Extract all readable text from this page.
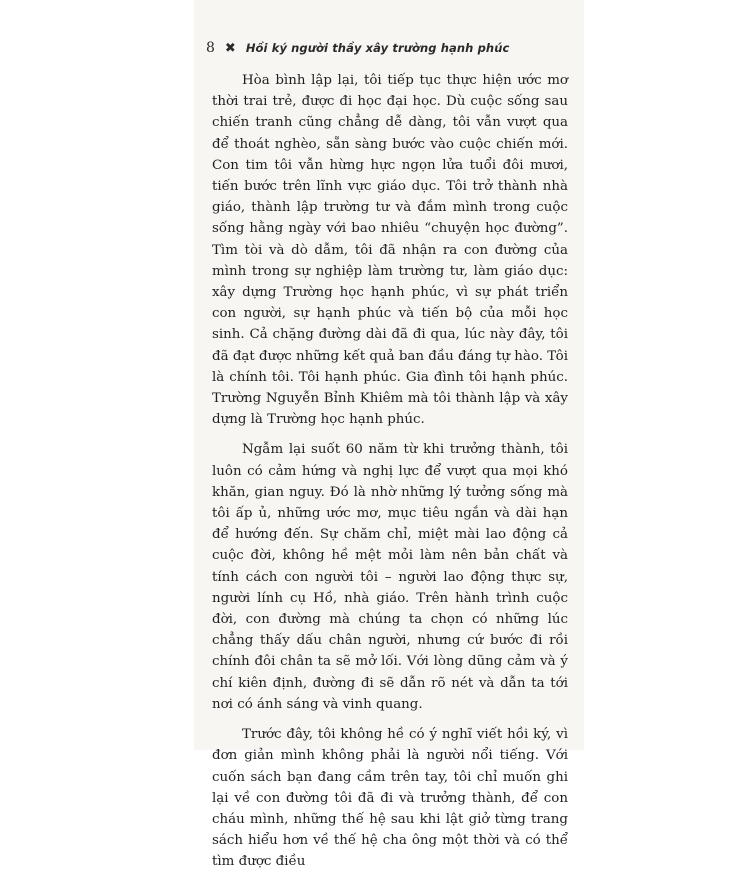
8 ✖ Hồi ký người thầy xây trường hạnh phúc

Hòa bình lập lại, tôi tiếp tục thực hiện ước mơ thời trai trẻ, được đi học đại học. Dù cuộc sống sau chiến tranh cũng chẳng dễ dàng, tôi vẫn vượt qua để thoát nghèo, sẵn sàng bước vào cuộc chiến mới. Con tim tôi vẫn hừng hực ngọn lửa tuổi đôi mươi, tiến bước trên lĩnh vực giáo dục. Tôi trở thành nhà giáo, thành lập trường tư và đắm mình trong cuộc sống hằng ngày với bao nhiêu “chuyện học đường”. Tìm tòi và dò dẫm, tôi đã nhận ra con đường của mình trong sự nghiệp làm trường tư, làm giáo dục: xây dựng Trường học hạnh phúc, vì sự phát triển con người, sự hạnh phúc và tiến bộ của mỗi học sinh. Cả chặng đường dài đã đi qua, lúc này đây, tôi đã đạt được những kết quả ban đầu đáng tự hào. Tôi là chính tôi. Tôi hạnh phúc. Gia đình tôi hạnh phúc. Trường Nguyễn Bỉnh Khiêm mà tôi thành lập và xây dựng là Trường học hạnh phúc.

Ngẫm lại suốt 60 năm từ khi trưởng thành, tôi luôn có cảm hứng và nghị lực để vượt qua mọi khó khăn, gian nguy. Đó là nhờ những lý tưởng sống mà tôi ấp ủ, những ước mơ, mục tiêu ngắn và dài hạn để hướng đến. Sự chăm chỉ, miệt mài lao động cả cuộc đời, không hề mệt mỏi làm nên bản chất và tính cách con người tôi – người lao động thực sự, người lính cụ Hồ, nhà giáo. Trên hành trình cuộc đời, con đường mà chúng ta chọn có những lúc chẳng thấy dấu chân người, nhưng cứ bước đi rồi chính đôi chân ta sẽ mở lối. Với lòng dũng cảm và ý chí kiên định, đường đi sẽ dẫn rõ nét và dẫn ta tới nơi có ánh sáng và vinh quang.

Trước đây, tôi không hề có ý nghĩ viết hồi ký, vì đơn giản mình không phải là người nổi tiếng. Với cuốn sách bạn đang cầm trên tay, tôi chỉ muốn ghi lại về con đường tôi đã đi và trưởng thành, để con cháu mình, những thế hệ sau khi lật giở từng trang sách hiểu hơn về thế hệ cha ông một thời và có thể tìm được điều
